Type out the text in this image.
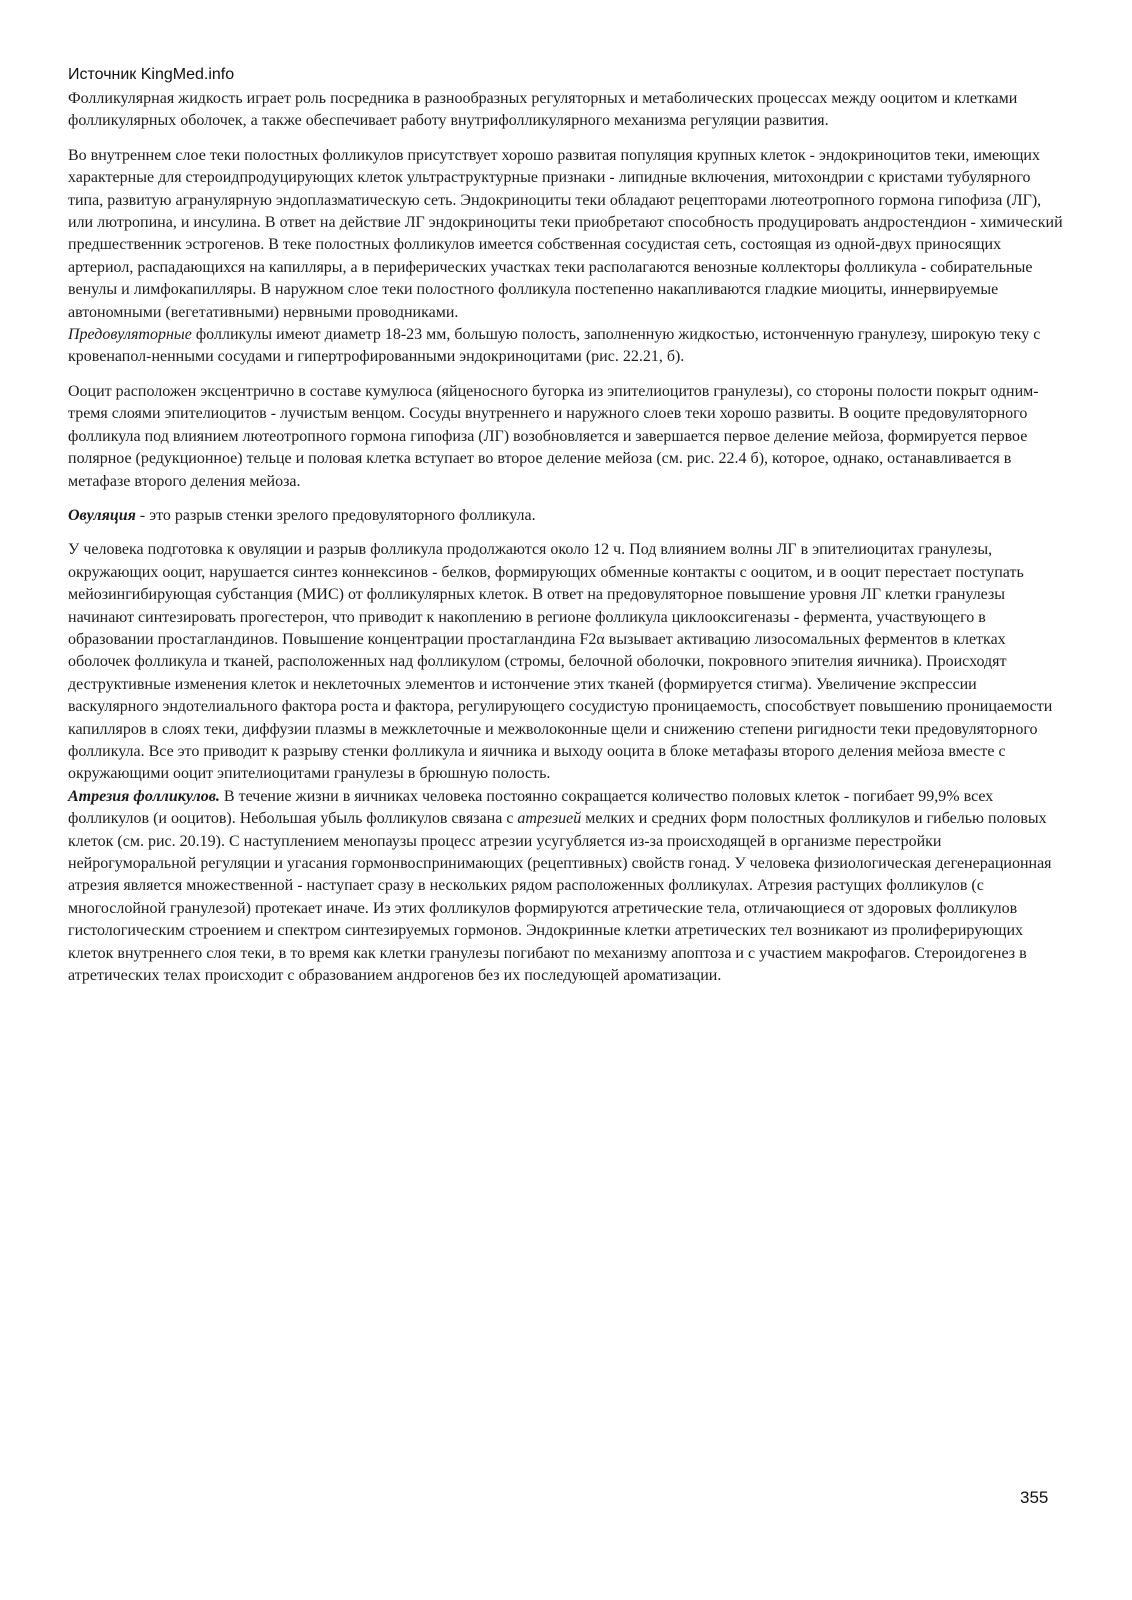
Источник KingMed.info

Фолликулярная жидкость играет роль посредника в разнообразных регуляторных и метаболических процессах между ооцитом и клетками фолликулярных оболочек, а также обеспечивает работу внутрифолликулярного механизма регуляции развития.

Во внутреннем слое теки полостных фолликулов присутствует хорошо развитая популяция крупных клеток - эндокриноцитов теки, имеющих характерные для стероидпродуцирующих клеток ультраструктурные признаки - липидные включения, митохондрии с кристами тубулярного типа, развитую агранулярную эндоплазматическую сеть. Эндокриноциты теки обладают рецепторами лютеотропного гормона гипофиза (ЛГ), или лютропина, и инсулина. В ответ на действие ЛГ эндокриноциты теки приобретают способность продуцировать андростендион - химический предшественник эстрогенов. В теке полостных фолликулов имеется собственная сосудистая сеть, состоящая из одной-двух приносящих артериол, распадающихся на капилляры, а в периферических участках теки располагаются венозные коллекторы фолликула - собирательные венулы и лимфокапилляры. В наружном слое теки полостного фолликула постепенно накапливаются гладкие миоциты, иннервируемые автономными (вегетативными) нервными проводниками.

Предовуляторные фолликулы имеют диаметр 18-23 мм, большую полость, заполненную жидкостью, истонченную гранулезу, широкую теку с кровенапол-ненными сосудами и гипертрофированными эндокриноцитами (рис. 22.21, б).

Ооцит расположен эксцентрично в составе кумулюса (яйценосного бугорка из эпителиоцитов гранулезы), со стороны полости покрыт одним-тремя слоями эпителиоцитов - лучистым венцом. Сосуды внутреннего и наружного слоев теки хорошо развиты. В ооците предовуляторного фолликула под влиянием лютеотропного гормона гипофиза (ЛГ) возобновляется и завершается первое деление мейоза, формируется первое полярное (редукционное) тельце и половая клетка вступает во второе деление мейоза (см. рис. 22.4 б), которое, однако, останавливается в метафазе второго деления мейоза.

Овуляция - это разрыв стенки зрелого предовуляторного фолликула.

У человека подготовка к овуляции и разрыв фолликула продолжаются около 12 ч. Под влиянием волны ЛГ в эпителиоцитах гранулезы, окружающих ооцит, нарушается синтез коннексинов - белков, формирующих обменные контакты с ооцитом, и в ооцит перестает поступать мейозингибирующая субстанция (МИС) от фолликулярных клеток. В ответ на предовуляторное повышение уровня ЛГ клетки гранулезы начинают синтезировать прогестерон, что приводит к накоплению в регионе фолликула циклооксигеназы - фермента, участвующего в образовании простагландинов. Повышение концентрации простагландина F2α вызывает активацию лизосомальных ферментов в клетках оболочек фолликула и тканей, расположенных над фолликулом (стромы, белочной оболочки, покровного эпителия яичника). Происходят деструктивные изменения клеток и неклеточных элементов и истончение этих тканей (формируется стигма). Увеличение экспрессии васкулярного эндотелиального фактора роста и фактора, регулирующего сосудистую проницаемость, способствует повышению проницаемости капилляров в слоях теки, диффузии плазмы в межклеточные и межволоконные щели и снижению степени ригидности теки предовуляторного фолликула. Все это приводит к разрыву стенки фолликула и яичника и выходу ооцита в блоке метафазы второго деления мейоза вместе с окружающими ооцит эпителиоцитами гранулезы в брюшную полость.

Атрезия фолликулов. В течение жизни в яичниках человека постоянно сокращается количество половых клеток - погибает 99,9% всех фолликулов (и ооцитов). Небольшая убыль фолликулов связана с атрезией мелких и средних форм полостных фолликулов и гибелью половых клеток (см. рис. 20.19). С наступлением менопаузы процесс атрезии усугубляется из-за происходящей в организме перестройки нейрогуморальной регуляции и угасания гормонвоспринимающих (рецептивных) свойств гонад. У человека физиологическая дегенерационная атрезия является множественной - наступает сразу в нескольких рядом расположенных фолликулах. Атрезия растущих фолликулов (с многослойной гранулезой) протекает иначе. Из этих фолликулов формируются атретические тела, отличающиеся от здоровых фолликулов гистологическим строением и спектром синтезируемых гормонов. Эндокринные клетки атретических тел возникают из пролиферирующих клеток внутреннего слоя теки, в то время как клетки гранулезы погибают по механизму апоптоза и с участием макрофагов. Стероидогенез в атретических телах происходит с образованием андрогенов без их последующей ароматизации.

355
